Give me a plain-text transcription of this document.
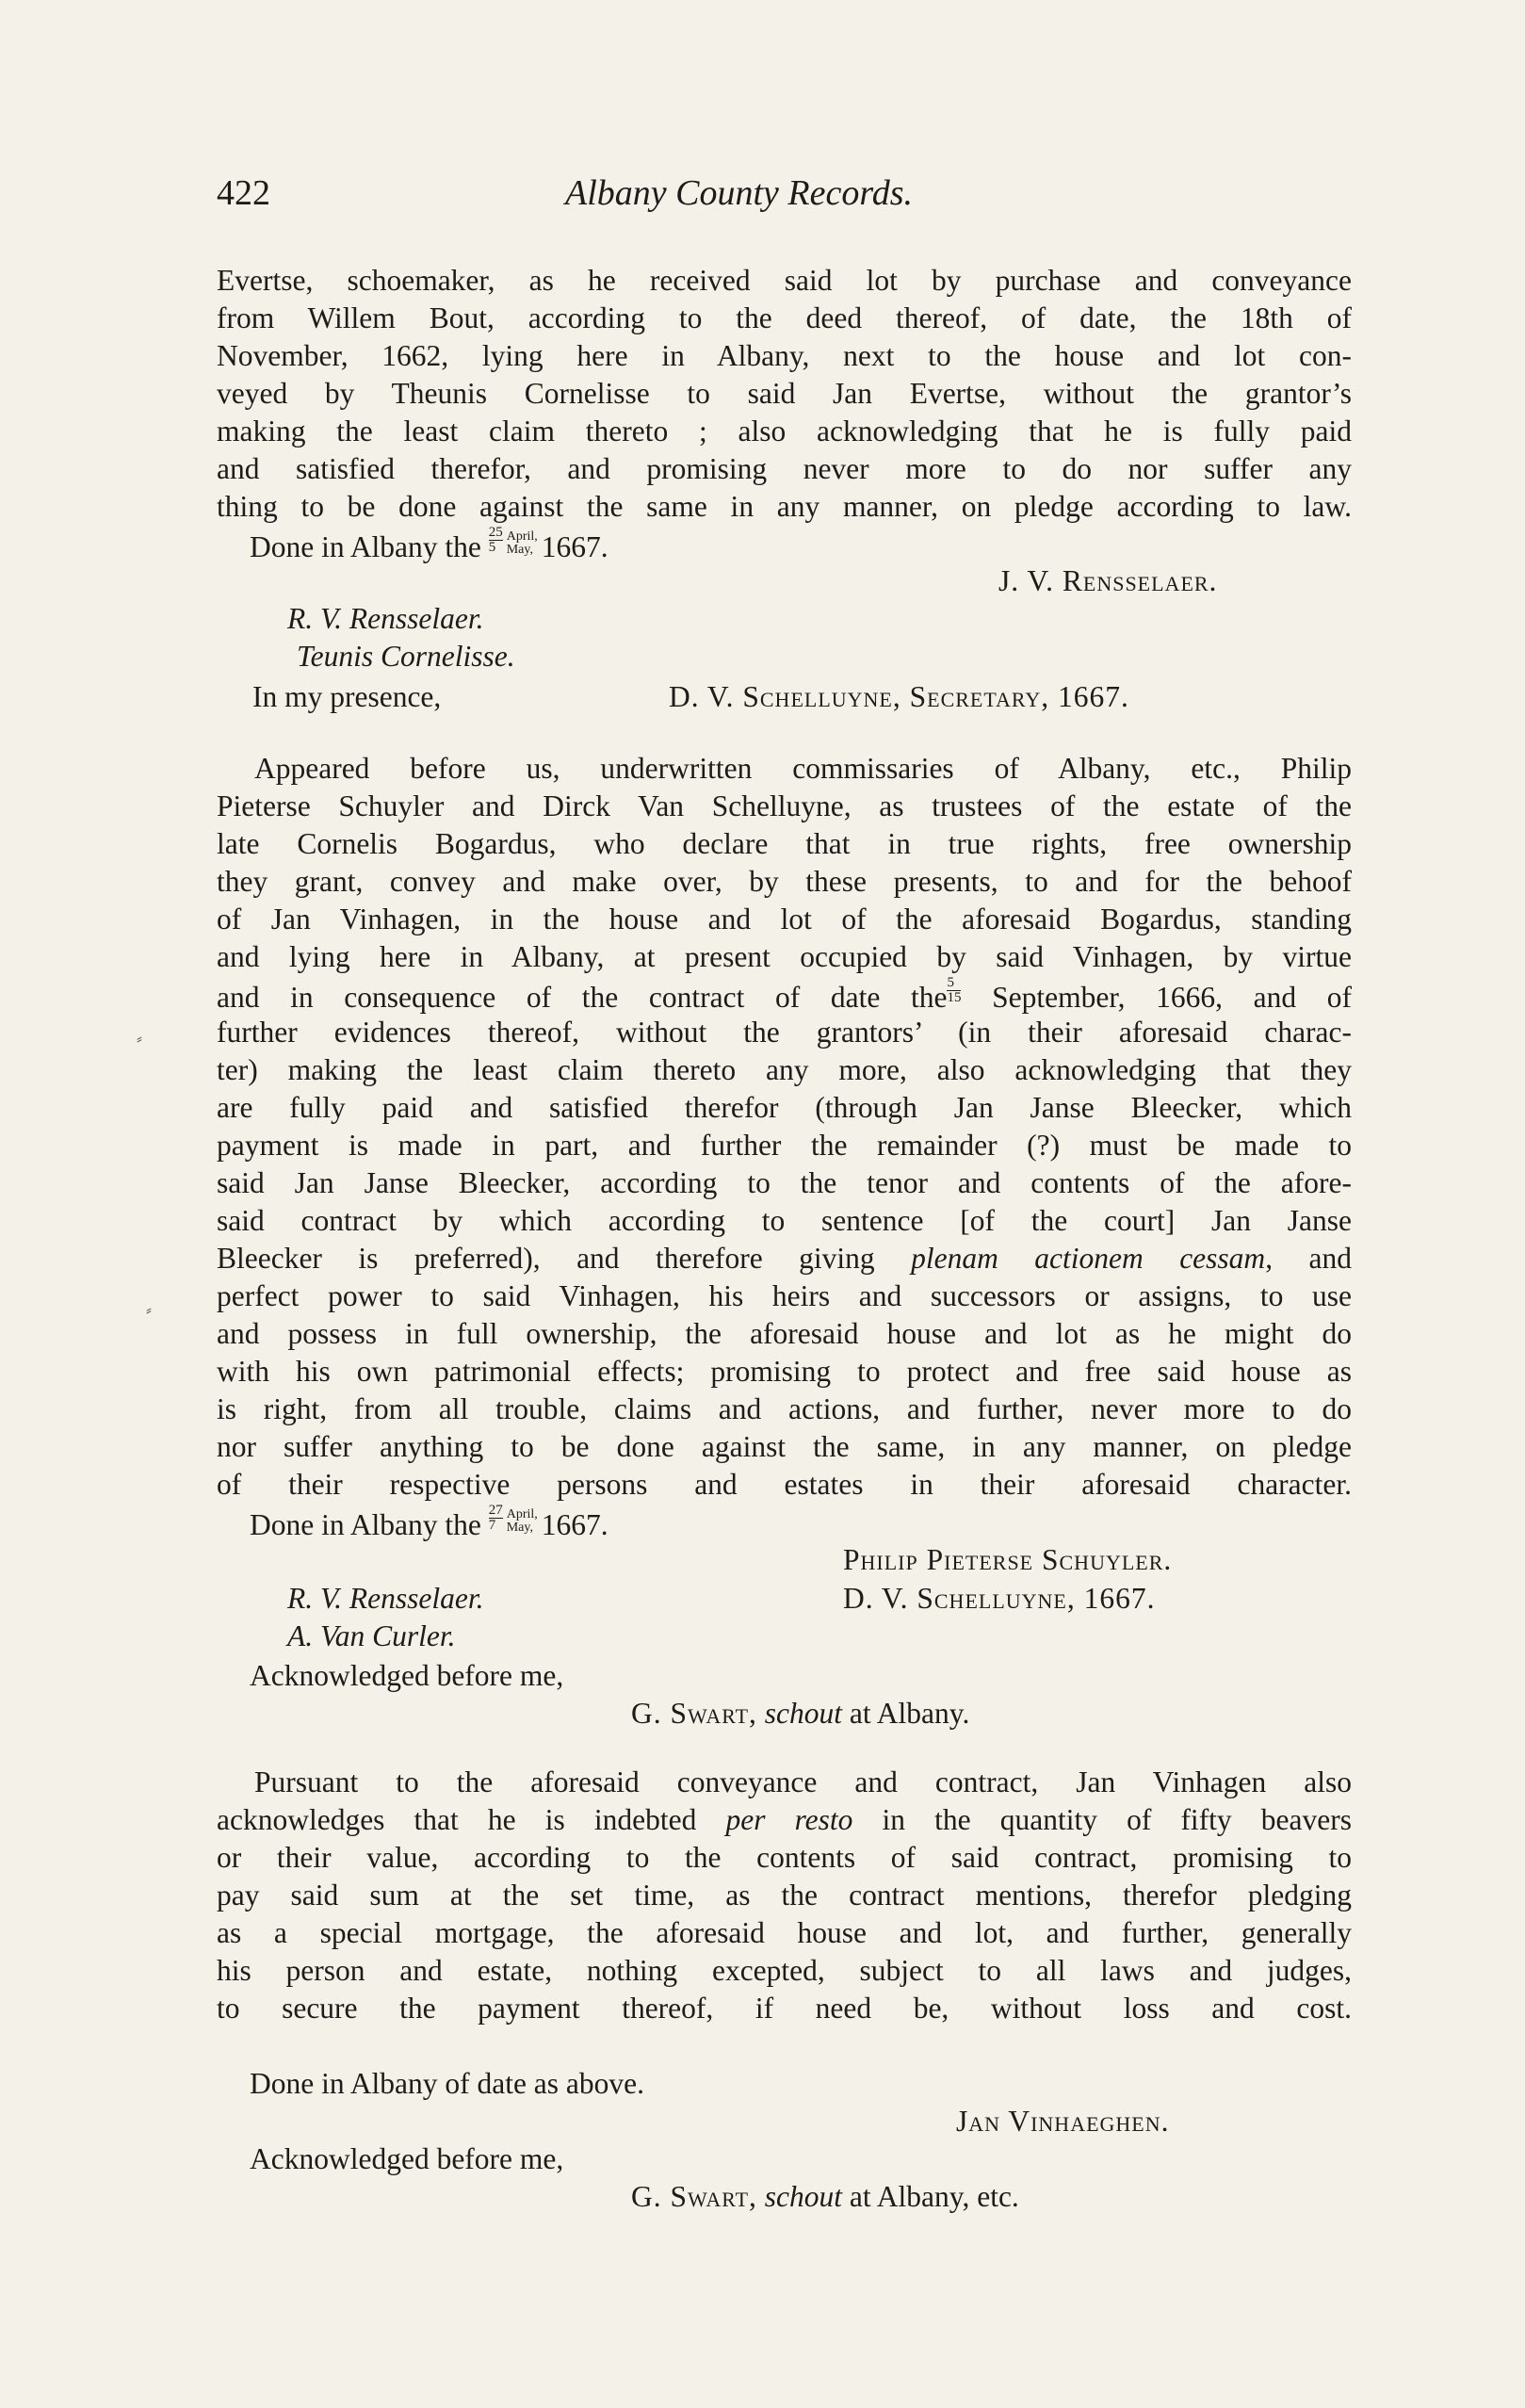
422	Albany County Records.
Evertse, schoemaker, as he received said lot by purchase and conveyance
from Willem Bout, according to the deed thereof, of date, the 18th of
November, 1662, lying here in Albany, next to the house and lot con-
veyed by Theunis Cornelisse to said Jan Evertse, without the grantor’s
making the least claim thereto ; also acknowledging that he is fully paid
and satisfied therefor, and promising never more to do nor suffer any
thing to be done against the same in any manner, on pledge according to law.
Done in Albany the $\frac{25}{5}$ April,
May, 1667.
J. V. Rensselaer.
R. V. Rensselaer.
Teunis Cornelisse.
In my presence,	D. V. Schelluyne, Secretary, 1667.
Appeared before us, underwritten commissaries of Albany, etc., Philip
Pieterse Schuyler and Dirck Van Schelluyne, as trustees of the estate of the
late Cornelis Bogardus, who declare that in true rights, free ownership
they grant, convey and make over, by these presents, to and for the behoof
of Jan Vinhagen, in the house and lot of the aforesaid Bogardus, standing
and lying here in Albany, at present occupied by said Vinhagen, by virtue
and in consequence of the contract of date the $\frac{5}{15}$ September, 1666, and of
further evidences thereof, without the grantors’ (in their aforesaid charac-
ter) making the least claim thereto any more, also acknowledging that they
are fully paid and satisfied therefor (through Jan Janse Bleecker, which
payment is made in part, and further the remainder (?) must be made to
said Jan Janse Bleecker, according to the tenor and contents of the afore-
said contract by which according to sentence [of the court] Jan Janse
Bleecker is preferred), and therefore giving plenam actionem cessam, and
perfect power to said Vinhagen, his heirs and successors or assigns, to use
and possess in full ownership, the aforesaid house and lot as he might do
with his own patrimonial effects; promising to protect and free said house as
is right, from all trouble, claims and actions, and further, never more to do
nor suffer anything to be done against the same, in any manner, on pledge
of their respective persons and estates in their aforesaid character.
Done in Albany the $\frac{27}{7}$ April,
May, 1667.
Philip Pieterse Schuyler.
R. V. Rensselaer.	D. V. Schelluyne, 1667.
A. Van Curler.
Acknowledged before me,
G. Swart, schout at Albany.
Pursuant to the aforesaid conveyance and contract, Jan Vinhagen also
acknowledges that he is indebted per resto in the quantity of fifty beavers
or their value, according to the contents of said contract, promising to
pay said sum at the set time, as the contract mentions, therefor pledging
as a special mortgage, the aforesaid house and lot, and further, generally
his person and estate, nothing excepted, subject to all laws and judges,
to secure the payment thereof, if need be, without loss and cost.
Done in Albany of date as above.
Jan Vinhaeghen.
Acknowledged before me,
G. Swart, schout at Albany, etc.
⸗
⸗
